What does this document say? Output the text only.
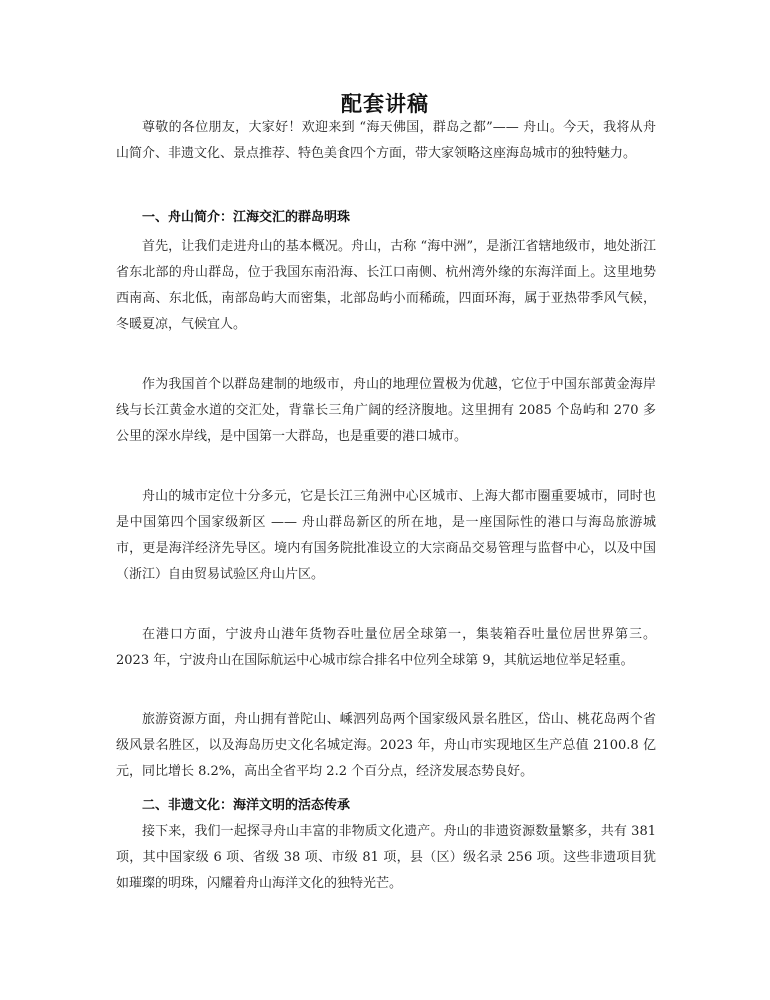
配套讲稿

尊敬的各位朋友，大家好！欢迎来到 “海天佛国，群岛之都”—— 舟山。今天，我将从舟山简介、非遗文化、景点推荐、特色美食四个方面，带大家领略这座海岛城市的独特魅力。

一、舟山简介：江海交汇的群岛明珠

首先，让我们走进舟山的基本概况。舟山，古称 “海中洲”，是浙江省辖地级市，地处浙江省东北部的舟山群岛，位于我国东南沿海、长江口南侧、杭州湾外缘的东海洋面上。这里地势西南高、东北低，南部岛屿大而密集，北部岛屿小而稀疏，四面环海，属于亚热带季风气候，冬暖夏凉，气候宜人。

作为我国首个以群岛建制的地级市，舟山的地理位置极为优越，它位于中国东部黄金海岸线与长江黄金水道的交汇处，背靠长三角广阔的经济腹地。这里拥有 2085 个岛屿和 270 多公里的深水岸线，是中国第一大群岛，也是重要的港口城市。

舟山的城市定位十分多元，它是长江三角洲中心区城市、上海大都市圈重要城市，同时也是中国第四个国家级新区 —— 舟山群岛新区的所在地，是一座国际性的港口与海岛旅游城市，更是海洋经济先导区。境内有国务院批准设立的大宗商品交易管理与监督中心，以及中国（浙江）自由贸易试验区舟山片区。

在港口方面，宁波舟山港年货物吞吐量位居全球第一，集装箱吞吐量位居世界第三。2023 年，宁波舟山在国际航运中心城市综合排名中位列全球第 9，其航运地位举足轻重。

旅游资源方面，舟山拥有普陀山、嵊泗列岛两个国家级风景名胜区，岱山、桃花岛两个省级风景名胜区，以及海岛历史文化名城定海。2023 年，舟山市实现地区生产总值 2100.8 亿元，同比增长 8.2%，高出全省平均 2.2 个百分点，经济发展态势良好。

二、非遗文化：海洋文明的活态传承

接下来，我们一起探寻舟山丰富的非物质文化遗产。舟山的非遗资源数量繁多，共有 381 项，其中国家级 6 项、省级 38 项、市级 81 项，县（区）级名录 256 项。这些非遗项目犹如璀璨的明珠，闪耀着舟山海洋文化的独特光芒。
